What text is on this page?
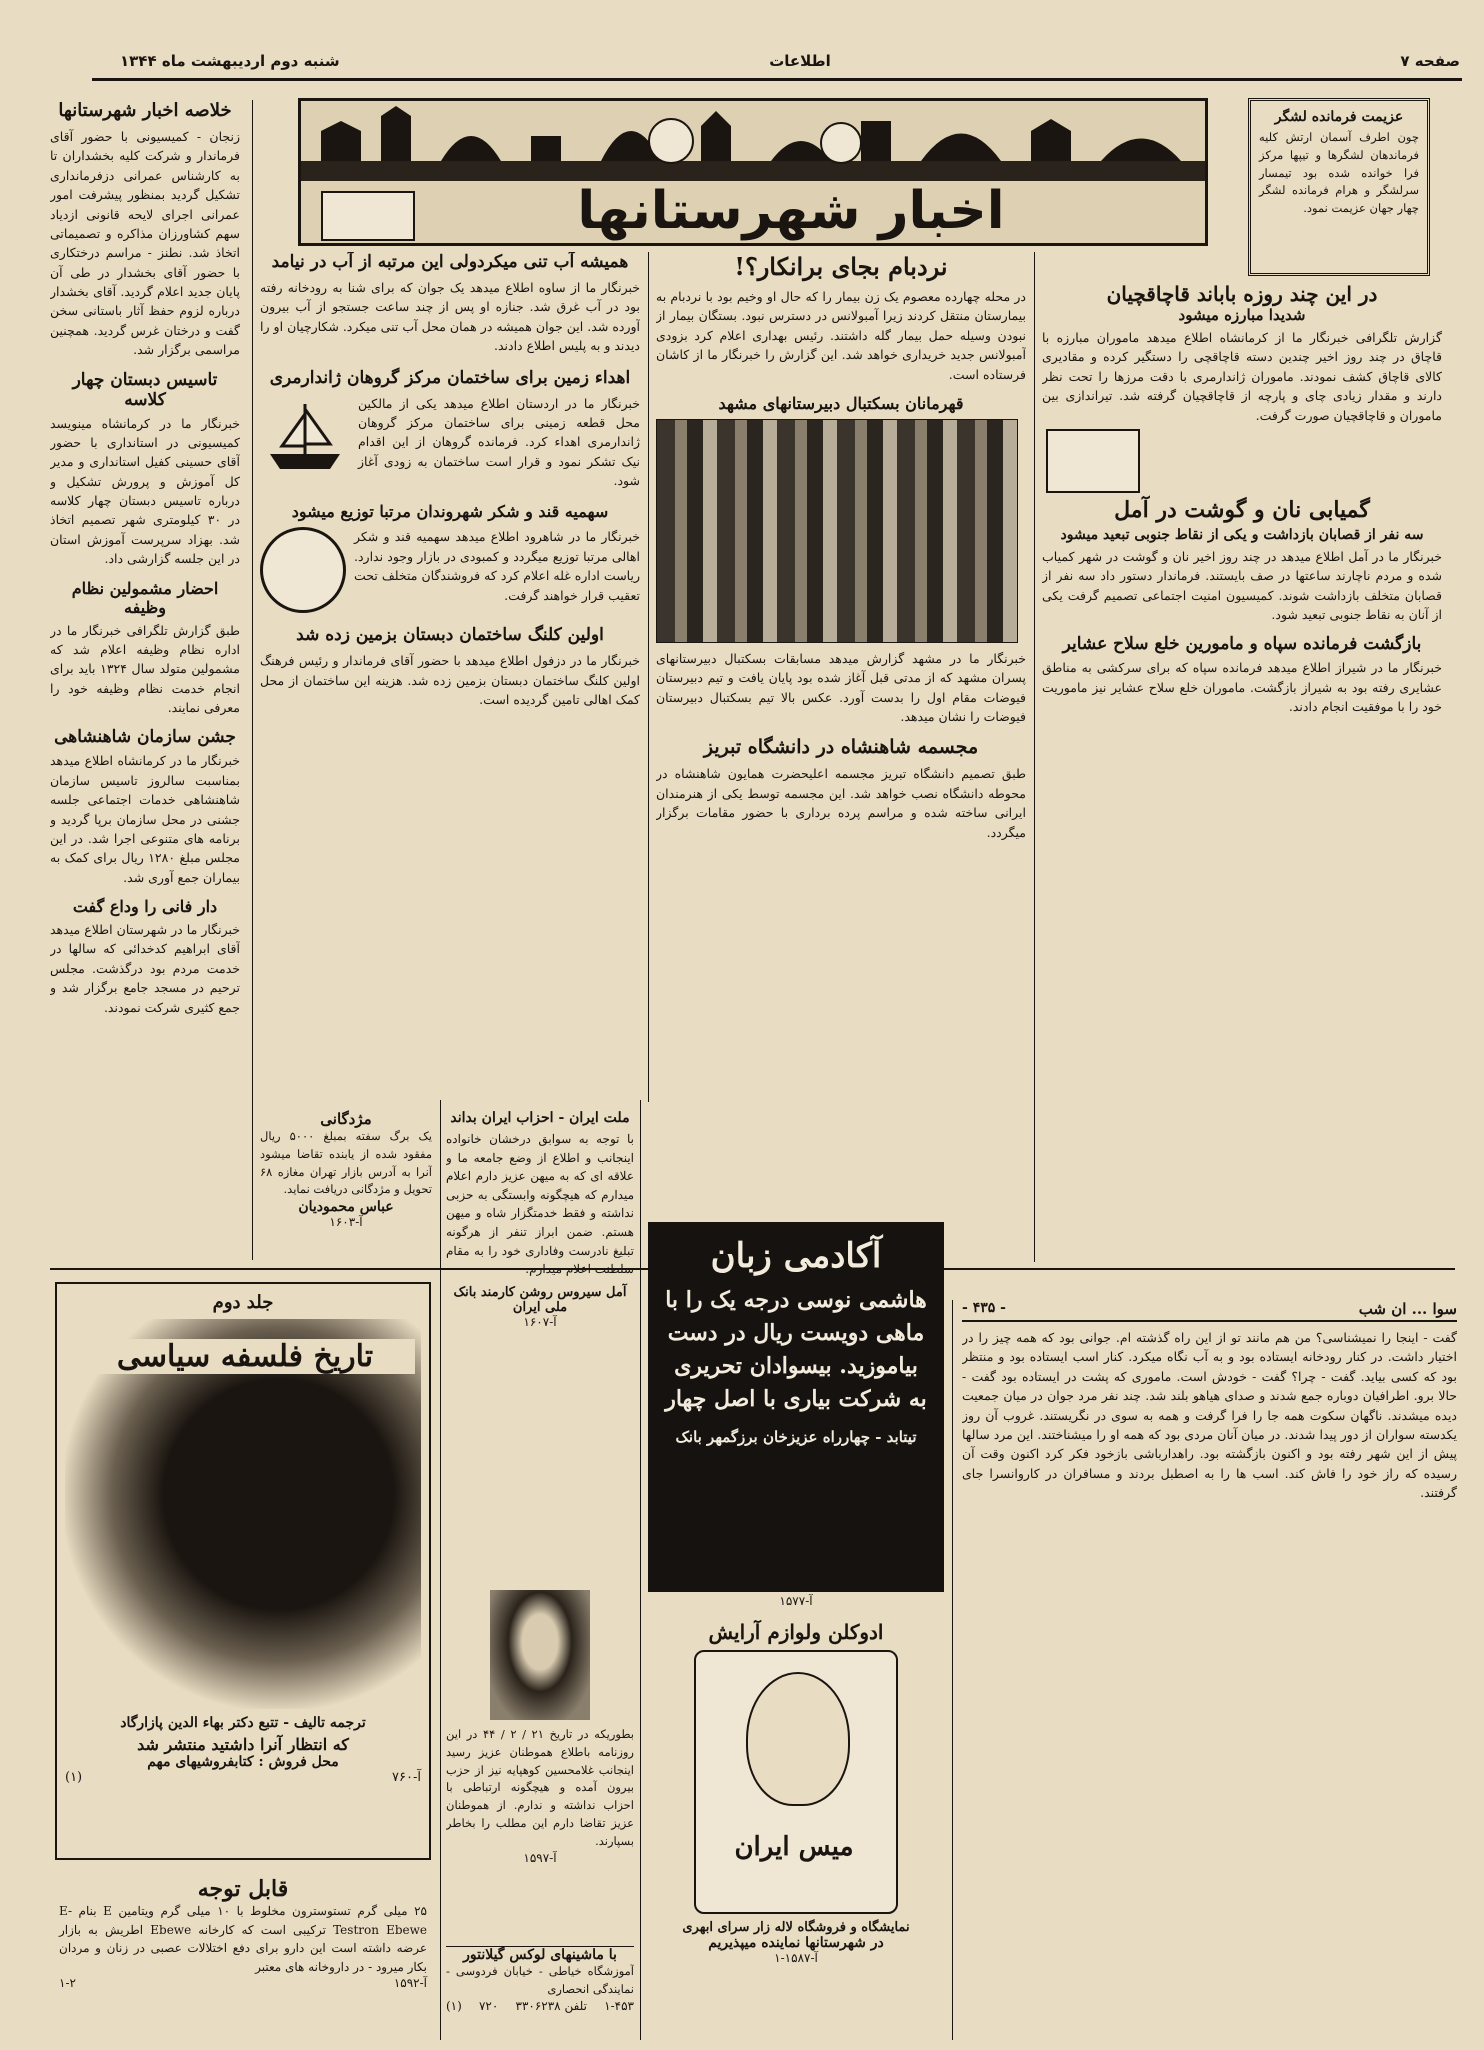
صفحه ۷
اطلاعات
شنبه دوم اردیبهشت ماه ۱۳۴۴
اخبار شهرستانها
عزیمت فرمانده لشگر
چون اطرف آسمان ارتش کلیه فرماندهان لشگرها و تیپها مرکز فرا خوانده شده بود تیمسار سرلشگر و هرام فرمانده لشگر چهار جهان عزیمت نمود.
خلاصه اخبار شهرستانها
زنجان - کمیسیونی با حضور آقای فرماندار و شرکت کلیه بخشداران تا به کارشناس عمرانی دزفرمانداری تشکیل گردید بمنظور پیشرفت امور عمرانی اجرای لایحه قانونی ازدیاد سهم کشاورزان مذاکره و تصمیماتی اتخاذ شد. نطنز - مراسم درختکاری با حضور آقای بخشدار در طی آن پایان جدید اعلام گردید. آقای بخشدار درباره لزوم حفظ آثار باستانی سخن گفت و درختان غرس گردید. همچنین مراسمی برگزار شد.
تاسیس دبستان چهار کلاسه
خبرنگار ما در کرمانشاه مینویسد کمیسیونی در استانداری با حضور آقای حسینی کفیل استانداری و مدیر کل آموزش و پرورش تشکیل و درباره تاسیس دبستان چهار کلاسه در ۳۰ کیلومتری شهر تصمیم اتخاذ شد. بهزاد سرپرست آموزش استان در این جلسه گزارشی داد.
احضار مشمولین نظام وظیفه
طبق گزارش تلگرافی خبرنگار ما در اداره نظام وظیفه اعلام شد که مشمولین متولد سال ۱۳۲۴ باید برای انجام خدمت نظام وظیفه خود را معرفی نمایند.
جشن سازمان شاهنشاهی
خبرنگار ما در کرمانشاه اطلاع میدهد بمناسبت سالروز تاسیس سازمان شاهنشاهی خدمات اجتماعی جلسه جشنی در محل سازمان برپا گردید و برنامه های متنوعی اجرا شد. در این مجلس مبلغ ۱۲۸۰ ریال برای کمک به بیماران جمع آوری شد.
دار فانی را وداع گفت
خبرنگار ما در شهرستان اطلاع میدهد آقای ابراهیم کدخدائی که سالها در خدمت مردم بود درگذشت. مجلس ترحیم در مسجد جامع برگزار شد و جمع کثیری شرکت نمودند.
همیشه آب تنی میکردولی این مرتبه از آب در نیامد
خبرنگار ما از ساوه اطلاع میدهد یک جوان که برای شنا به رودخانه رفته بود در آب غرق شد. جنازه او پس از چند ساعت جستجو از آب بیرون آورده شد. این جوان همیشه در همان محل آب تنی میکرد. شکارچیان او را دیدند و به پلیس اطلاع دادند.
اهداء زمین برای ساختمان مرکز گروهان ژاندارمری
خبرنگار ما در اردستان اطلاع میدهد یکی از مالکین محل قطعه زمینی برای ساختمان مرکز گروهان ژاندارمری اهداء کرد. فرمانده گروهان از این اقدام نیک تشکر نمود و قرار است ساختمان به زودی آغاز شود.
سهمیه قند و شکر شهروندان مرتبا توزیع میشود
خبرنگار ما در شاهرود اطلاع میدهد سهمیه قند و شکر اهالی مرتبا توزیع میگردد و کمبودی در بازار وجود ندارد. ریاست اداره غله اعلام کرد که فروشندگان متخلف تحت تعقیب قرار خواهند گرفت.
اولین کلنگ ساختمان دبستان بزمین زده شد
خبرنگار ما در دزفول اطلاع میدهد با حضور آقای فرماندار و رئیس فرهنگ اولین کلنگ ساختمان دبستان بزمین زده شد. هزینه این ساختمان از محل کمک اهالی تامین گردیده است.
نردبام بجای برانکار؟!
در محله چهارده معصوم یک زن بیمار را که حال او وخیم بود با نردبام به بیمارستان منتقل کردند زیرا آمبولانس در دسترس نبود. بستگان بیمار از نبودن وسیله حمل بیمار گله داشتند. رئیس بهداری اعلام کرد بزودی آمبولانس جدید خریداری خواهد شد. این گزارش را خبرنگار ما از کاشان فرستاده است.
قهرمانان بسکتبال دبیرستانهای مشهد
خبرنگار ما در مشهد گزارش میدهد مسابقات بسکتبال دبیرستانهای پسران مشهد که از مدتی قبل آغاز شده بود پایان یافت و تیم دبیرستان فیوضات مقام اول را بدست آورد. عکس بالا تیم بسکتبال دبیرستان فیوضات را نشان میدهد.
مجسمه شاهنشاه در دانشگاه تبریز
طبق تصمیم دانشگاه تبریز مجسمه اعلیحضرت همایون شاهنشاه در محوطه دانشگاه نصب خواهد شد. این مجسمه توسط یکی از هنرمندان ایرانی ساخته شده و مراسم پرده برداری با حضور مقامات برگزار میگردد.
در این چند روزه باباند قاچاقچیان
شدیدا مبارزه میشود
گزارش تلگرافی خبرنگار ما از کرمانشاه اطلاع میدهد ماموران مبارزه با قاچاق در چند روز اخیر چندین دسته قاچاقچی را دستگیر کرده و مقادیری کالای قاچاق کشف نمودند. ماموران ژاندارمری با دقت مرزها را تحت نظر دارند و مقدار زیادی چای و پارچه از قاچاقچیان گرفته شد. تیراندازی بین ماموران و قاچاقچیان صورت گرفت.
گمیابی نان و گوشت در آمل
سه نفر از قصابان بازداشت و یکی از نقاط جنوبی تبعید میشود
خبرنگار ما در آمل اطلاع میدهد در چند روز اخیر نان و گوشت در شهر کمیاب شده و مردم ناچارند ساعتها در صف بایستند. فرماندار دستور داد سه نفر از قصابان متخلف بازداشت شوند. کمیسیون امنیت اجتماعی تصمیم گرفت یکی از آنان به نقاط جنوبی تبعید شود.
بازگشت فرمانده سپاه و مامورین خلع سلاح عشایر
خبرنگار ما در شیراز اطلاع میدهد فرمانده سپاه که برای سرکشی به مناطق عشایری رفته بود به شیراز بازگشت. ماموران خلع سلاح عشایر نیز ماموریت خود را با موفقیت انجام دادند.
جلد دوم
تاریخ فلسفه سیاسی
ترجمه تالیف - تتبع دکتر بهاء الدین پازارگاد
که انتظار آنرا داشتید منتشر شد
محل فروش : کتابفروشیهای مهم
(۱)	آ-۷۶۰
قابل توجه
۲۵ میلی گرم تستوسترون مخلوط با ۱۰ میلی گرم ویتامین E بنام E-Testron Ebewe ترکیبی است که کارخانه Ebewe اطریش به بازار عرضه داشته است این دارو برای دفع اختلالات عصبی در زنان و مردان بکار میرود - در داروخانه های معتبر
۱-۲	آ-۱۵۹۲
مژدگانی
یک برگ سفته بمبلغ ۵۰۰۰ ریال مفقود شده از یابنده تقاضا میشود آنرا به آدرس بازار تهران مغازه ۶۸ تحویل و مژدگانی دریافت نماید.
عباس محمودیان
آ-۱۶۰۳
ملت ایران - احزاب ایران بداند
با توجه به سوابق درخشان خانواده اینجانب و اطلاع از وضع جامعه ما و علاقه ای که به میهن عزیز دارم اعلام میدارم که هیچگونه وابستگی به حزبی نداشته و فقط خدمتگزار شاه و میهن هستم. ضمن ابراز تنفر از هرگونه تبلیغ نادرست وفاداری خود را به مقام سلطنت اعلام میدارم.
آمل سیروس روشن کارمند بانک ملی ایران
آ-۱۶۰۷
بطوریکه در تاریخ ۲۱ / ۲ / ۴۴ در این روزنامه باطلاع هموطنان عزیز رسید اینجانب غلامحسین کوهپایه نیز از حزب بیرون آمده و هیچگونه ارتباطی با احزاب نداشته و ندارم. از هموطنان عزیز تقاضا دارم این مطلب را بخاطر بسپارند.
آ-۱۵۹۷
با ماشینهای لوکس گیلانتور
آموزشگاه خیاطی - خیابان فردوسی - نمایندگی انحصاری
(۱) ۷۲۰ تلفن ۳۳۰۶۲۳۸ ۱-۴۵۳
آکادمی زبان
هاشمی نوسی درجه یک را با ماهی دویست ریال در دست بیاموزید. بیسوادان تحریری به شرکت بیاری با اصل چهار
تیتابد - چهارراه عزیزخان برزگمهر بانک
آ-۱۵۷۷
ادوکلن ولوازم آرایش
میس ایران
نمایشگاه و فروشگاه لاله زار سرای ابهری
در شهرستانها نماینده میپذیریم
آ-۱۵۸۷-۱
سوا ... ان شب
- ۴۳۵ -
گفت - اینجا را نمیشناسی؟ من هم مانند تو از این راه گذشته ام. جوانی بود که همه چیز را در اختیار داشت. در کنار رودخانه ایستاده بود و به آب نگاه میکرد. کنار اسب ایستاده بود و منتظر بود که کسی بیاید. گفت - چرا؟ گفت - خودش است. ماموری که پشت در ایستاده بود گفت - حالا برو. اطرافیان دوباره جمع شدند و صدای هیاهو بلند شد. چند نفر مرد جوان در میان جمعیت دیده میشدند. ناگهان سکوت همه جا را فرا گرفت و همه به سوی در نگریستند. غروب آن روز یکدسته سواران از دور پیدا شدند. در میان آنان مردی بود که همه او را میشناختند. این مرد سالها پیش از این شهر رفته بود و اکنون بازگشته بود. راهدارباشی بازخود فکر کرد اکنون وقت آن رسیده که راز خود را فاش کند. اسب ها را به اصطبل بردند و مسافران در کاروانسرا جای گرفتند.
